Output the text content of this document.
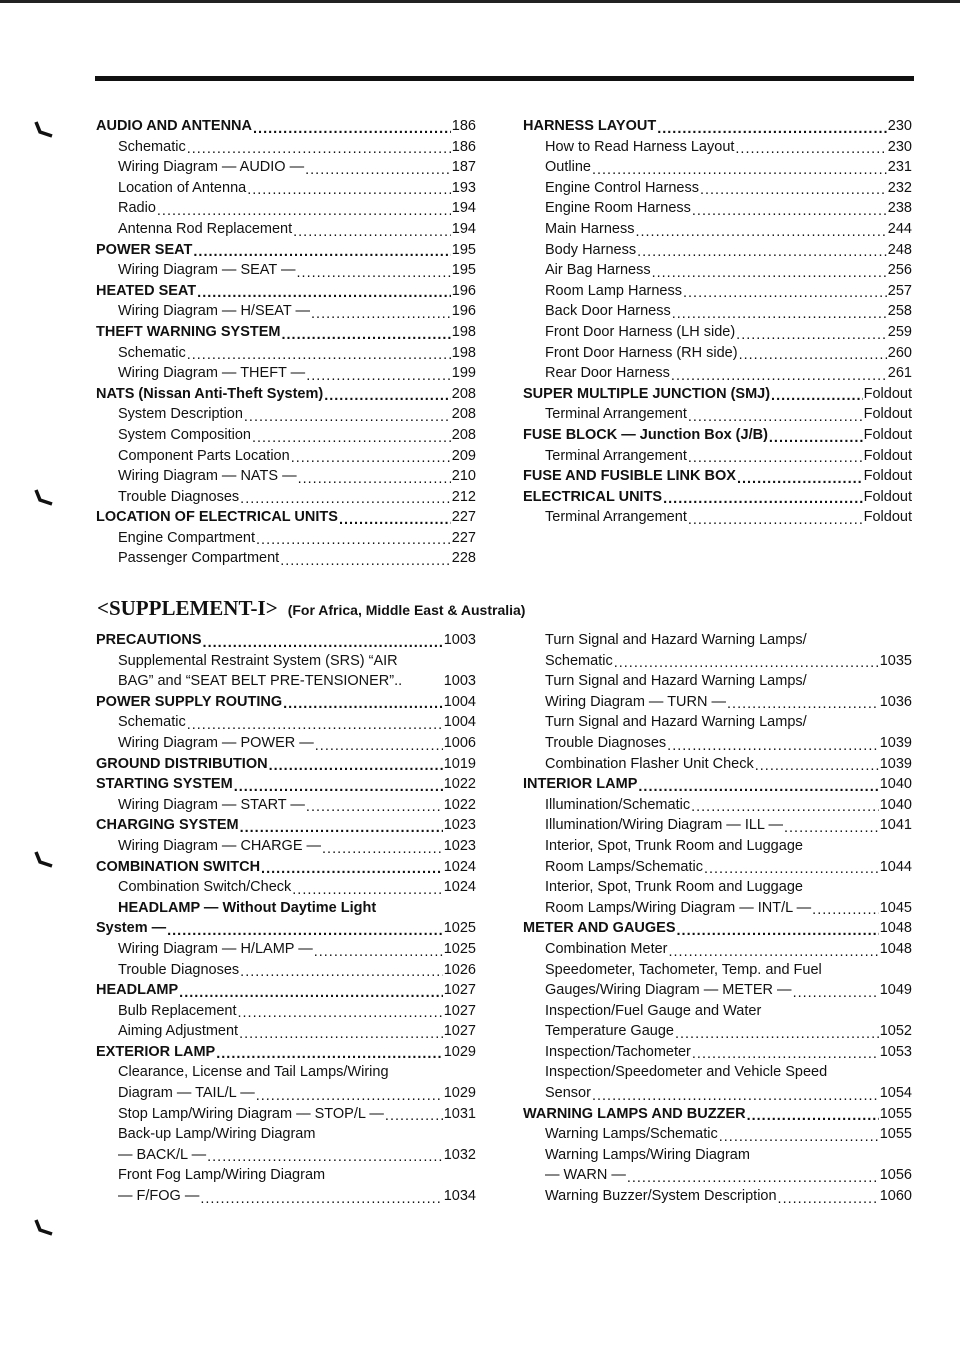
AUDIO AND ANTENNA .....	186
Schematic .....	186
Wiring Diagram — AUDIO — .....	187
Location of Antenna .....	193
Radio .....	194
Antenna Rod Replacement .....	194
POWER SEAT .....	195
Wiring Diagram — SEAT — .....	195
HEATED SEAT .....	196
Wiring Diagram — H/SEAT — .....	196
THEFT WARNING SYSTEM .....	198
Schematic .....	198
Wiring Diagram — THEFT — .....	199
NATS (Nissan Anti-Theft System) .....	208
System Description .....	208
System Composition .....	208
Component Parts Location .....	209
Wiring Diagram — NATS — .....	210
Trouble Diagnoses .....	212
LOCATION OF ELECTRICAL UNITS .....	227
Engine Compartment .....	227
Passenger Compartment .....	228
HARNESS LAYOUT .....	230
How to Read Harness Layout .....	230
Outline .....	231
Engine Control Harness .....	232
Engine Room Harness .....	238
Main Harness .....	244
Body Harness .....	248
Air Bag Harness .....	256
Room Lamp Harness .....	257
Back Door Harness .....	258
Front Door Harness (LH side) .....	259
Front Door Harness (RH side) .....	260
Rear Door Harness .....	261
SUPER MULTIPLE JUNCTION (SMJ) .....	Foldout
Terminal Arrangement .....	Foldout
FUSE BLOCK — Junction Box (J/B) .....	Foldout
Terminal Arrangement .....	Foldout
FUSE AND FUSIBLE LINK BOX .....	Foldout
ELECTRICAL UNITS .....	Foldout
Terminal Arrangement .....	Foldout
<SUPPLEMENT-I> (For Africa, Middle East & Australia)
PRECAUTIONS .....	1003
Supplemental Restraint System (SRS) “AIR
BAG” and “SEAT BELT PRE-TENSIONER”..	1003
POWER SUPPLY ROUTING .....	1004
Schematic .....	1004
Wiring Diagram — POWER — .....	1006
GROUND DISTRIBUTION .....	1019
STARTING SYSTEM .....	1022
Wiring Diagram — START — .....	1022
CHARGING SYSTEM .....	1023
Wiring Diagram — CHARGE — .....	1023
COMBINATION SWITCH .....	1024
Combination Switch/Check .....	1024
HEADLAMP — Without Daytime Light
System — .....	1025
Wiring Diagram — H/LAMP — .....	1025
Trouble Diagnoses .....	1026
HEADLAMP .....	1027
Bulb Replacement .....	1027
Aiming Adjustment .....	1027
EXTERIOR LAMP .....	1029
Clearance, License and Tail Lamps/Wiring
Diagram — TAIL/L — .....	1029
Stop Lamp/Wiring Diagram — STOP/L — .....	1031
Back-up Lamp/Wiring Diagram
— BACK/L — .....	1032
Front Fog Lamp/Wiring Diagram
— F/FOG — .....	1034
Turn Signal and Hazard Warning Lamps/
Schematic .....	1035
Turn Signal and Hazard Warning Lamps/
Wiring Diagram — TURN — .....	1036
Turn Signal and Hazard Warning Lamps/
Trouble Diagnoses .....	1039
Combination Flasher Unit Check .....	1039
INTERIOR LAMP .....	1040
Illumination/Schematic .....	1040
Illumination/Wiring Diagram — ILL — .....	1041
Interior, Spot, Trunk Room and Luggage
Room Lamps/Schematic .....	1044
Interior, Spot, Trunk Room and Luggage
Room Lamps/Wiring Diagram — INT/L — .....	1045
METER AND GAUGES .....	1048
Combination Meter .....	1048
Speedometer, Tachometer, Temp. and Fuel
Gauges/Wiring Diagram — METER — .....	1049
Inspection/Fuel Gauge and Water
Temperature Gauge .....	1052
Inspection/Tachometer .....	1053
Inspection/Speedometer and Vehicle Speed
Sensor .....	1054
WARNING LAMPS AND BUZZER .....	1055
Warning Lamps/Schematic .....	1055
Warning Lamps/Wiring Diagram
— WARN — .....	1056
Warning Buzzer/System Description .....	1060
